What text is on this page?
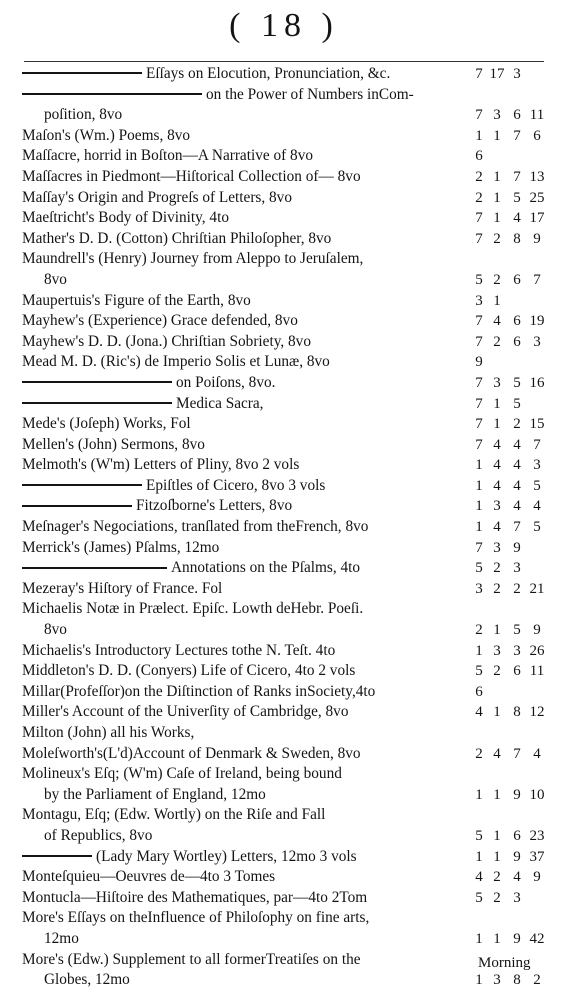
( 18 )
Eſſays on Elocution, Pronunciation, &c.	7 17 3
on the Power of Numbers inCom-
poſition, 8vo	7 3 6 11
Maſon's (Wm.) Poems, 8vo	1 1 7 6
Maſſacre, horrid in Boſton—A Narrative of 8vo	6
Maſſacres in Piedmont—Hiſtorical Collection of— 8vo	2 1 7 13
Maſſay's Origin and Progreſs of Letters, 8vo	2 1 5 25
Maeſtricht's Body of Divinity, 4to	7 1 4 17
Mather's D. D. (Cotton) Chriſtian Philoſopher, 8vo	7 2 8 9
Maundrell's (Henry) Journey from Aleppo to Jeruſalem,
8vo	5 2 6 7
Maupertuis's Figure of the Earth, 8vo	3 1
Mayhew's (Experience) Grace defended, 8vo	7 4 6 19
Mayhew's D. D. (Jona.) Chriſtian Sobriety, 8vo	7 2 6 3
Mead M. D. (Ric's) de Imperio Solis et Lunæ, 8vo	9
on Poiſons, 8vo.	7 3 5 16
Medica Sacra,	7 1 5
Mede's (Joſeph) Works, Fol	7 1 2 15
Mellen's (John) Sermons, 8vo	7 4 4 7
Melmoth's (W'm) Letters of Pliny, 8vo 2 vols	1 4 4 3
Epiſtles of Cicero, 8vo 3 vols	1 4 4 5
Fitzoſborne's Letters, 8vo	1 3 4 4
Meſnager's Negociations, tranſlated from theFrench, 8vo	1 4 7 5
Merrick's (James) Pſalms, 12mo	7 3 9
Annotations on the Pſalms, 4to	5 2 3
Mezeray's Hiſtory of France. Fol	3 2 2 21
Michaelis Notæ in Prælect. Epiſc. Lowth deHebr. Poeſi.
8vo	2 1 5 9
Michaelis's Introductory Lectures tothe N. Teſt. 4to	1 3 3 26
Middleton's D. D. (Conyers) Life of Cicero, 4to 2 vols	5 2 6 11
Millar(Profeſſor)on the Diſtinction of Ranks inSociety,4to	6
Miller's Account of the Univerſity of Cambridge, 8vo	4 1 8 12
Milton (John) all his Works,
Moleſworth's(L'd)Account of Denmark & Sweden, 8vo	2 4 7 4
Molineux's Eſq; (W'm) Caſe of Ireland, being bound
by the Parliament of England, 12mo	1 1 9 10
Montagu, Eſq; (Edw. Wortly) on the Riſe and Fall
of Republics, 8vo	5 1 6 23
(Lady Mary Wortley) Letters, 12mo 3 vols	1 1 9 37
Monteſquieu—Oeuvres de—4to 3 Tomes	4 2 4 9
Montucla—Hiſtoire des Mathematiques, par—4to 2Tom	5 2 3
More's Eſſays on theInfluence of Philoſophy on fine arts,
12mo	1 1 9 42
More's (Edw.) Supplement to all formerTreatiſes on the
Globes, 12mo	1 3 8 2
Morning
